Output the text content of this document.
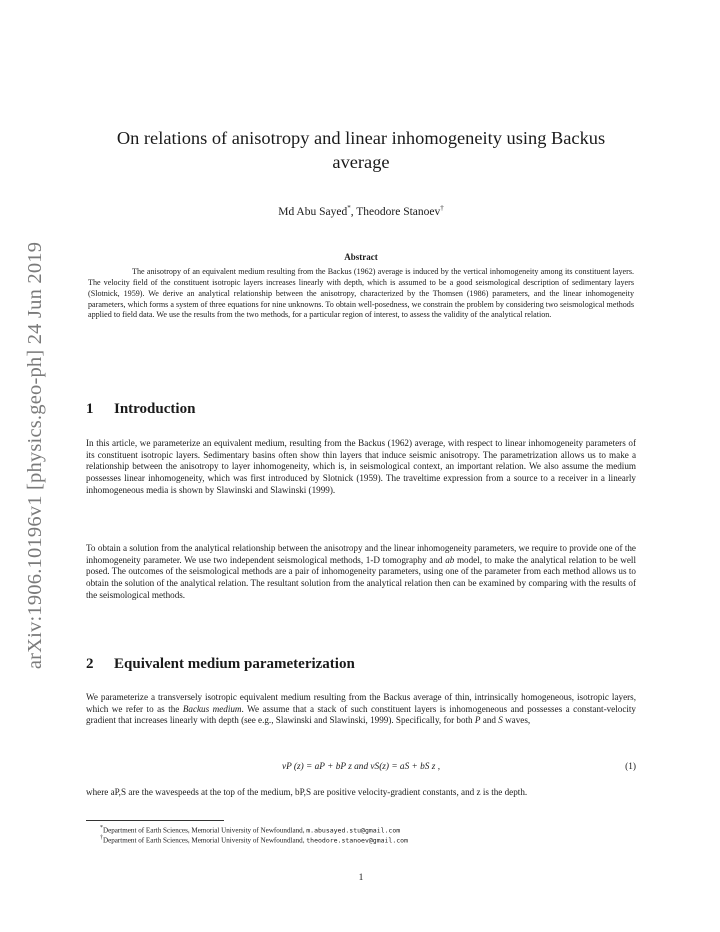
arXiv:1906.10196v1 [physics.geo-ph] 24 Jun 2019
On relations of anisotropy and linear inhomogeneity using Backus average
Md Abu Sayed*, Theodore Stanoev†
Abstract
The anisotropy of an equivalent medium resulting from the Backus (1962) average is induced by the vertical inhomogeneity among its constituent layers. The velocity field of the constituent isotropic layers increases linearly with depth, which is assumed to be a good seismological description of sedimentary layers (Slotnick, 1959). We derive an analytical relationship between the anisotropy, characterized by the Thomsen (1986) parameters, and the linear inhomogeneity parameters, which forms a system of three equations for nine unknowns. To obtain well-posedness, we constrain the problem by considering two seismological methods applied to field data. We use the results from the two methods, for a particular region of interest, to assess the validity of the analytical relation.
1 Introduction
In this article, we parameterize an equivalent medium, resulting from the Backus (1962) average, with respect to linear inhomogeneity parameters of its constituent isotropic layers. Sedimentary basins often show thin layers that induce seismic anisotropy. The parametrization allows us to make a relationship between the anisotropy to layer inhomogeneity, which is, in seismological context, an important relation. We also assume the medium possesses linear inhomogeneity, which was first introduced by Slotnick (1959). The traveltime expression from a source to a receiver in a linearly inhomogeneous media is shown by Slawinski and Slawinski (1999).
To obtain a solution from the analytical relationship between the anisotropy and the linear inhomogeneity parameters, we require to provide one of the inhomogeneity parameter. We use two independent seismological methods, 1-D tomography and ab model, to make the analytical relation to be well posed. The outcomes of the seismological methods are a pair of inhomogeneity parameters, using one of the parameter from each method allows us to obtain the solution of the analytical relation. The resultant solution from the analytical relation then can be examined by comparing with the results of the seismological methods.
2 Equivalent medium parameterization
We parameterize a transversely isotropic equivalent medium resulting from the Backus average of thin, intrinsically homogeneous, isotropic layers, which we refer to as the Backus medium. We assume that a stack of such constituent layers is inhomogeneous and possesses a constant-velocity gradient that increases linearly with depth (see e.g., Slawinski and Slawinski, 1999). Specifically, for both P and S waves,
vP (z) = aP + bP z and vS(z) = aS + bS z ,	(1)
where aP,S are the wavespeeds at the top of the medium, bP,S are positive velocity-gradient constants, and z is the depth.
*Department of Earth Sciences, Memorial University of Newfoundland, m.abusayed.stu@gmail.com
†Department of Earth Sciences, Memorial University of Newfoundland, theodore.stanoev@gmail.com
1
